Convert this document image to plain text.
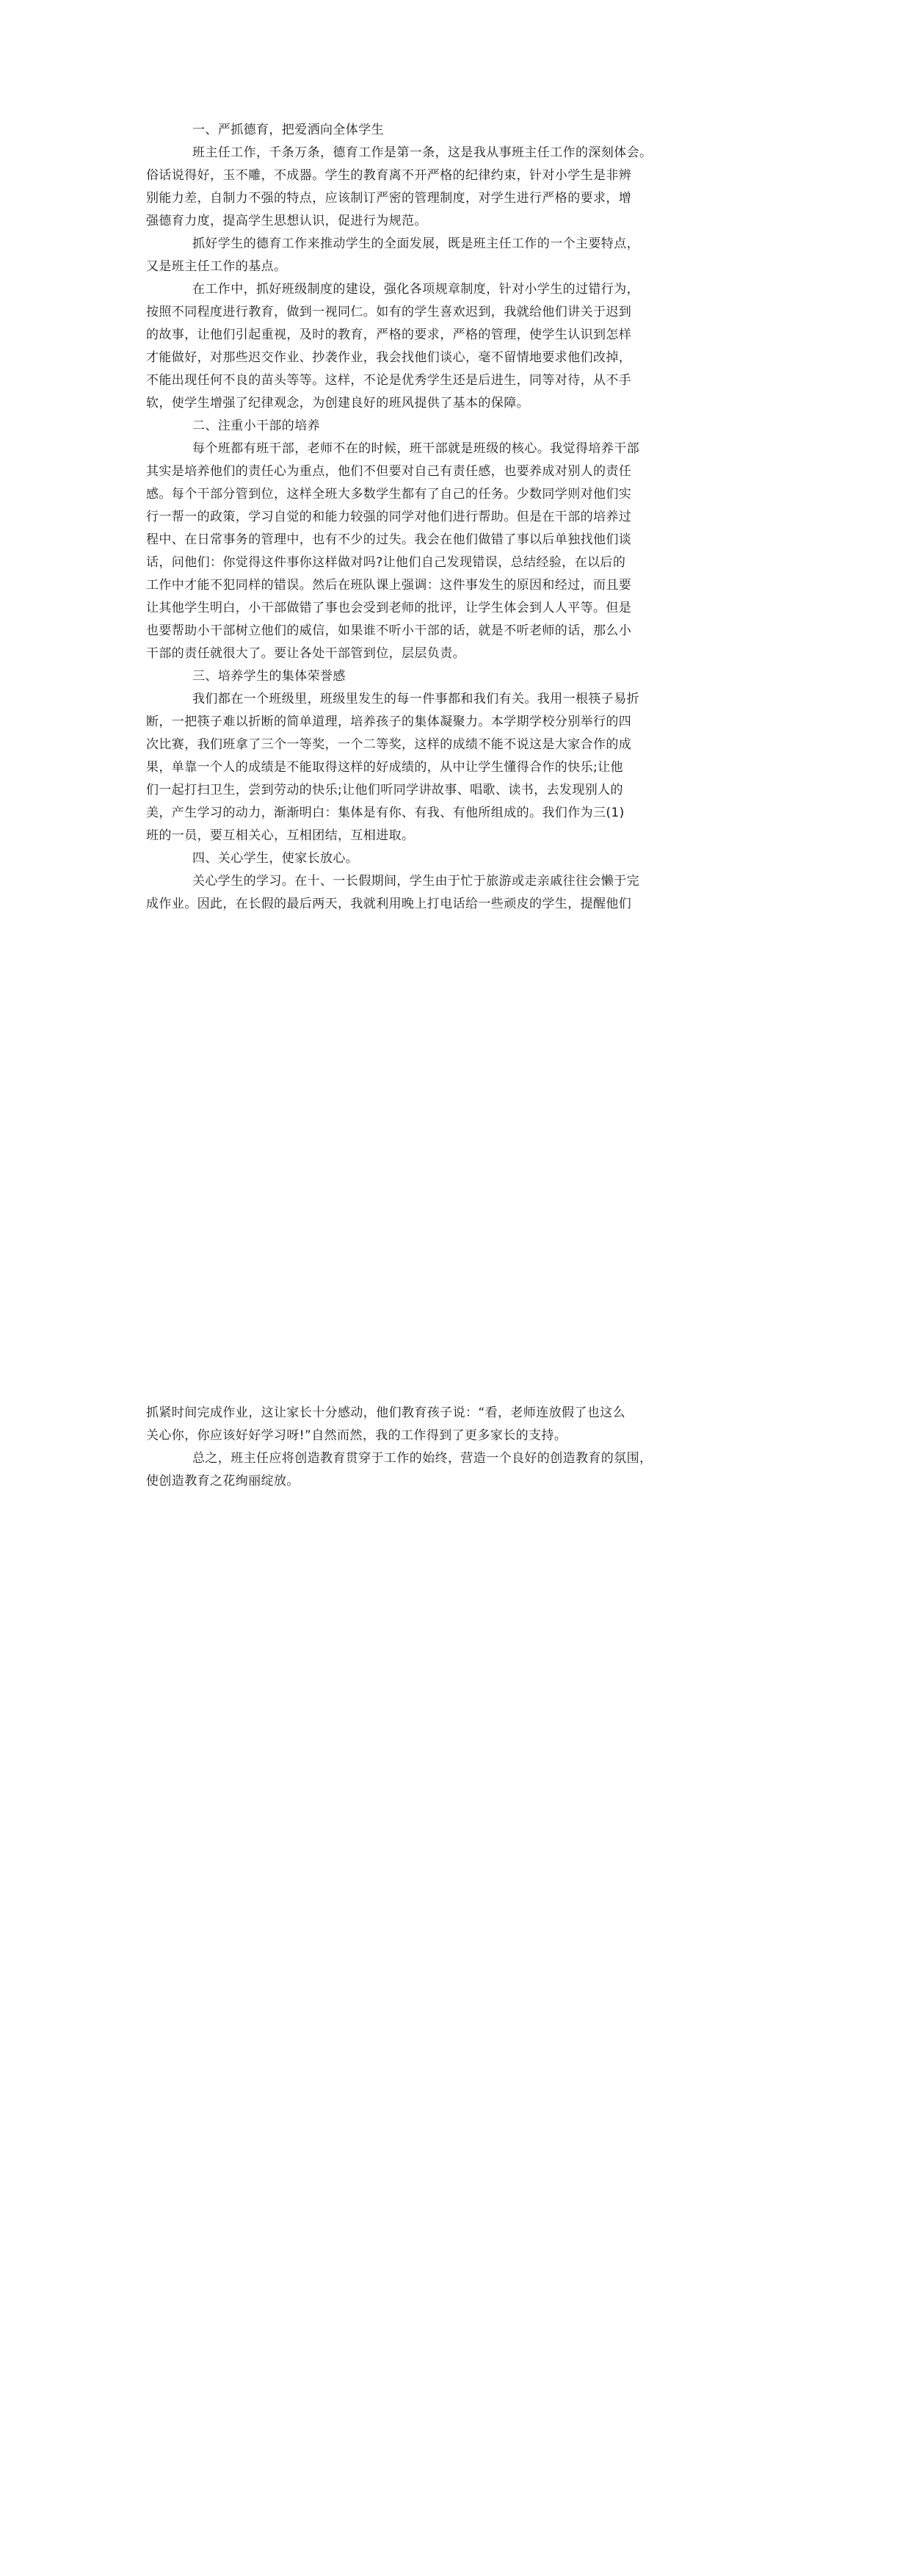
一、严抓德育，把爱洒向全体学生
班主任工作，千条万条，德育工作是第一条，这是我从事班主任工作的深刻体会。
俗话说得好，玉不雕，不成器。学生的教育离不开严格的纪律约束，针对小学生是非辨
别能力差，自制力不强的特点，应该制订严密的管理制度，对学生进行严格的要求，增
强德育力度，提高学生思想认识，促进行为规范。
抓好学生的德育工作来推动学生的全面发展，既是班主任工作的一个主要特点，
又是班主任工作的基点。
在工作中，抓好班级制度的建设，强化各项规章制度，针对小学生的过错行为，
按照不同程度进行教育，做到一视同仁。如有的学生喜欢迟到，我就给他们讲关于迟到
的故事，让他们引起重视，及时的教育，严格的要求，严格的管理，使学生认识到怎样
才能做好，对那些迟交作业、抄袭作业，我会找他们谈心，毫不留情地要求他们改掉，
不能出现任何不良的苗头等等。这样，不论是优秀学生还是后进生，同等对待，从不手
软，使学生增强了纪律观念，为创建良好的班风提供了基本的保障。
二、注重小干部的培养
每个班都有班干部，老师不在的时候，班干部就是班级的核心。我觉得培养干部
其实是培养他们的责任心为重点，他们不但要对自己有责任感，也要养成对别人的责任
感。每个干部分管到位，这样全班大多数学生都有了自己的任务。少数同学则对他们实
行一帮一的政策，学习自觉的和能力较强的同学对他们进行帮助。但是在干部的培养过
程中、在日常事务的管理中，也有不少的过失。我会在他们做错了事以后单独找他们谈
话，问他们：你觉得这件事你这样做对吗?让他们自己发现错误，总结经验，在以后的
工作中才能不犯同样的错误。然后在班队课上强调：这件事发生的原因和经过，而且要
让其他学生明白，小干部做错了事也会受到老师的批评，让学生体会到人人平等。但是
也要帮助小干部树立他们的威信，如果谁不听小干部的话，就是不听老师的话，那么小
干部的责任就很大了。要让各处干部管到位，层层负责。
三、培养学生的集体荣誉感
我们都在一个班级里，班级里发生的每一件事都和我们有关。我用一根筷子易折
断，一把筷子难以折断的简单道理，培养孩子的集体凝聚力。本学期学校分别举行的四
次比赛，我们班拿了三个一等奖，一个二等奖，这样的成绩不能不说这是大家合作的成
果，单靠一个人的成绩是不能取得这样的好成绩的，从中让学生懂得合作的快乐;让他
们一起打扫卫生，尝到劳动的快乐;让他们听同学讲故事、唱歌、读书，去发现别人的
美，产生学习的动力，渐渐明白：集体是有你、有我、有他所组成的。我们作为三(1)
班的一员，要互相关心，互相团结，互相进取。
四、关心学生，使家长放心。
关心学生的学习。在十、一长假期间，学生由于忙于旅游或走亲戚往往会懒于完
成作业。因此，在长假的最后两天，我就利用晚上打电话给一些顽皮的学生，提醒他们
抓紧时间完成作业，这让家长十分感动，他们教育孩子说：“看，老师连放假了也这么
关心你，你应该好好学习呀!”自然而然，我的工作得到了更多家长的支持。
总之，班主任应将创造教育贯穿于工作的始终，营造一个良好的创造教育的氛围，
使创造教育之花绚丽绽放。
